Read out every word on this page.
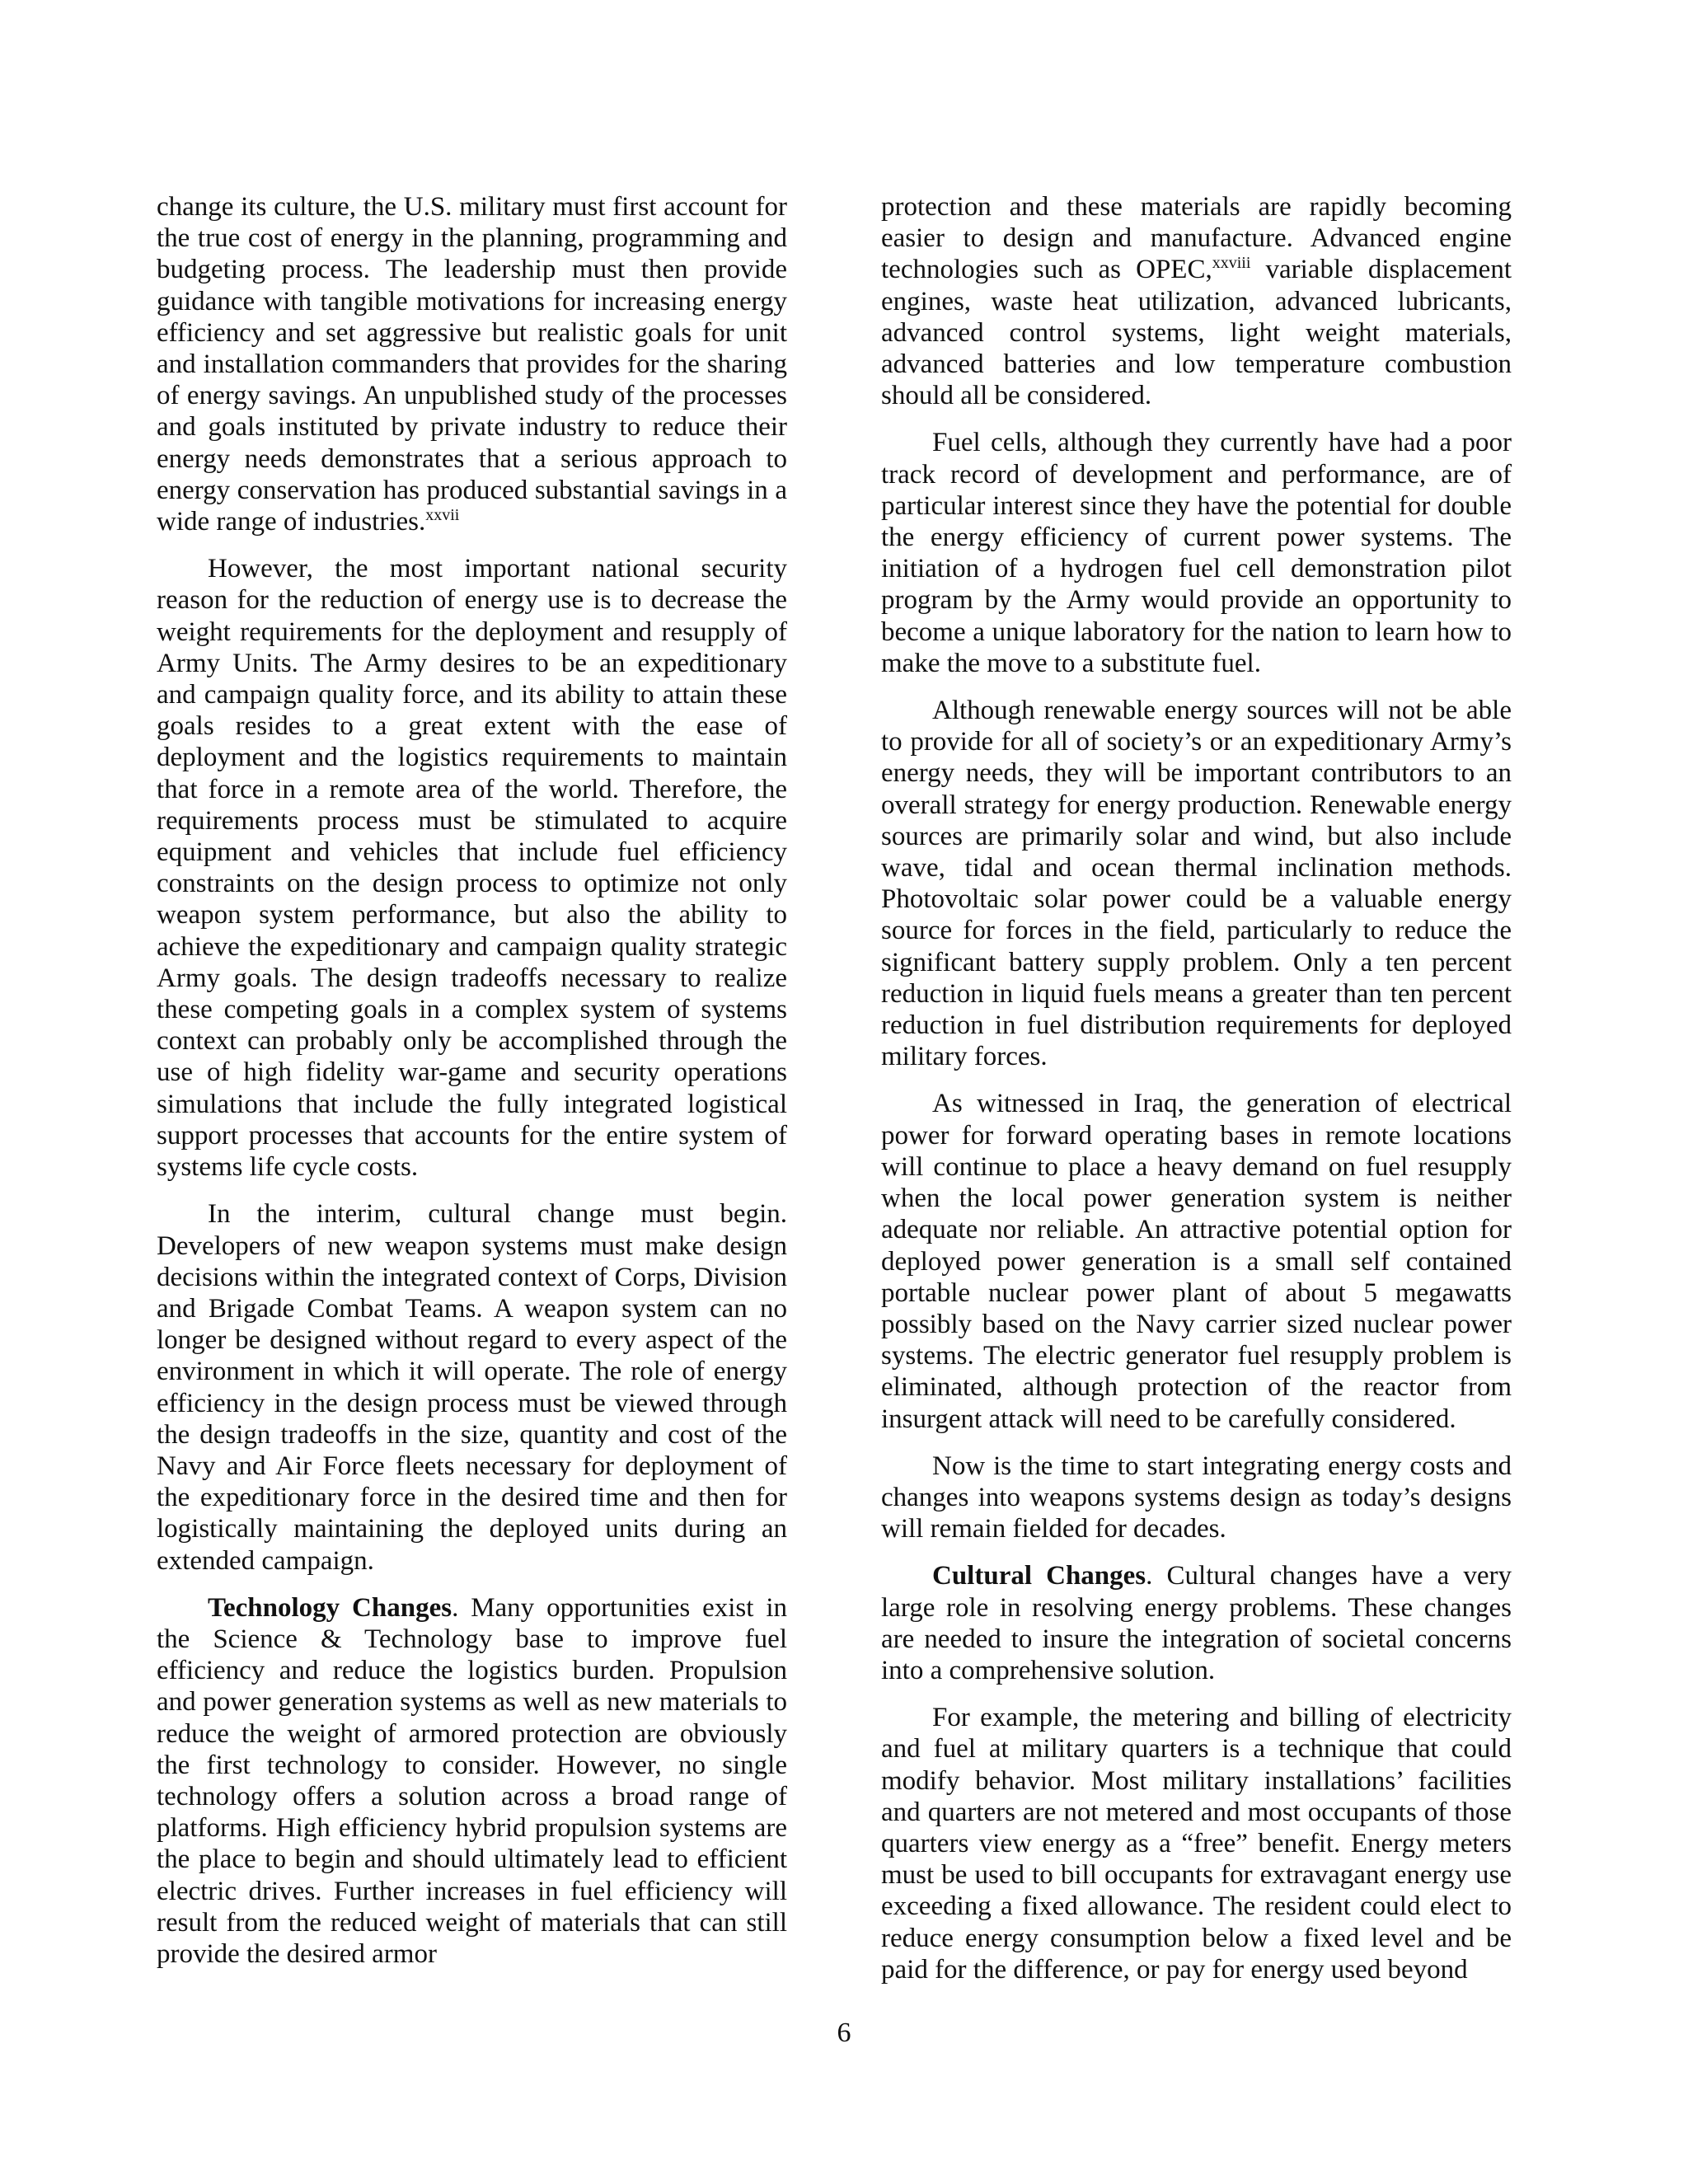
change its culture, the U.S. military must first account for the true cost of energy in the planning, programming and budgeting process. The leadership must then provide guidance with tangible motivations for increasing energy efficiency and set aggressive but realistic goals for unit and installation commanders that provides for the sharing of energy savings. An unpublished study of the processes and goals instituted by private industry to reduce their energy needs demonstrates that a serious approach to energy conservation has produced substantial savings in a wide range of industries.$^{xxvii}$

However, the most important national security reason for the reduction of energy use is to decrease the weight requirements for the deployment and resupply of Army Units. The Army desires to be an expeditionary and campaign quality force, and its ability to attain these goals resides to a great extent with the ease of deployment and the logistics requirements to maintain that force in a remote area of the world. Therefore, the requirements process must be stimulated to acquire equipment and vehicles that include fuel efficiency constraints on the design process to optimize not only weapon system performance, but also the ability to achieve the expeditionary and campaign quality strategic Army goals. The design tradeoffs necessary to realize these competing goals in a complex system of systems context can probably only be accomplished through the use of high fidelity war-game and security operations simulations that include the fully integrated logistical support processes that accounts for the entire system of systems life cycle costs.

In the interim, cultural change must begin. Developers of new weapon systems must make design decisions within the integrated context of Corps, Division and Brigade Combat Teams. A weapon system can no longer be designed without regard to every aspect of the environment in which it will operate. The role of energy efficiency in the design process must be viewed through the design tradeoffs in the size, quantity and cost of the Navy and Air Force fleets necessary for deployment of the expeditionary force in the desired time and then for logistically maintaining the deployed units during an extended campaign.

Technology Changes. Many opportunities exist in the Science & Technology base to improve fuel efficiency and reduce the logistics burden. Propulsion and power generation systems as well as new materials to reduce the weight of armored protection are obviously the first technology to consider. However, no single technology offers a solution across a broad range of platforms. High efficiency hybrid propulsion systems are the place to begin and should ultimately lead to efficient electric drives. Further increases in fuel efficiency will result from the reduced weight of materials that can still provide the desired armor

protection and these materials are rapidly becoming easier to design and manufacture. Advanced engine technologies such as OPEC,$^{xxviii}$ variable displacement engines, waste heat utilization, advanced lubricants, advanced control systems, light weight materials, advanced batteries and low temperature combustion should all be considered.

Fuel cells, although they currently have had a poor track record of development and performance, are of particular interest since they have the potential for double the energy efficiency of current power systems. The initiation of a hydrogen fuel cell demonstration pilot program by the Army would provide an opportunity to become a unique laboratory for the nation to learn how to make the move to a substitute fuel.

Although renewable energy sources will not be able to provide for all of society’s or an expeditionary Army’s energy needs, they will be important contributors to an overall strategy for energy production. Renewable energy sources are primarily solar and wind, but also include wave, tidal and ocean thermal inclination methods. Photovoltaic solar power could be a valuable energy source for forces in the field, particularly to reduce the significant battery supply problem. Only a ten percent reduction in liquid fuels means a greater than ten percent reduction in fuel distribution requirements for deployed military forces.

As witnessed in Iraq, the generation of electrical power for forward operating bases in remote locations will continue to place a heavy demand on fuel resupply when the local power generation system is neither adequate nor reliable. An attractive potential option for deployed power generation is a small self contained portable nuclear power plant of about 5 megawatts possibly based on the Navy carrier sized nuclear power systems. The electric generator fuel resupply problem is eliminated, although protection of the reactor from insurgent attack will need to be carefully considered.

Now is the time to start integrating energy costs and changes into weapons systems design as today’s designs will remain fielded for decades.

Cultural Changes. Cultural changes have a very large role in resolving energy problems. These changes are needed to insure the integration of societal concerns into a comprehensive solution.

For example, the metering and billing of electricity and fuel at military quarters is a technique that could modify behavior. Most military installations’ facilities and quarters are not metered and most occupants of those quarters view energy as a “free” benefit. Energy meters must be used to bill occupants for extravagant energy use exceeding a fixed allowance. The resident could elect to reduce energy consumption below a fixed level and be paid for the difference, or pay for energy used beyond

6
